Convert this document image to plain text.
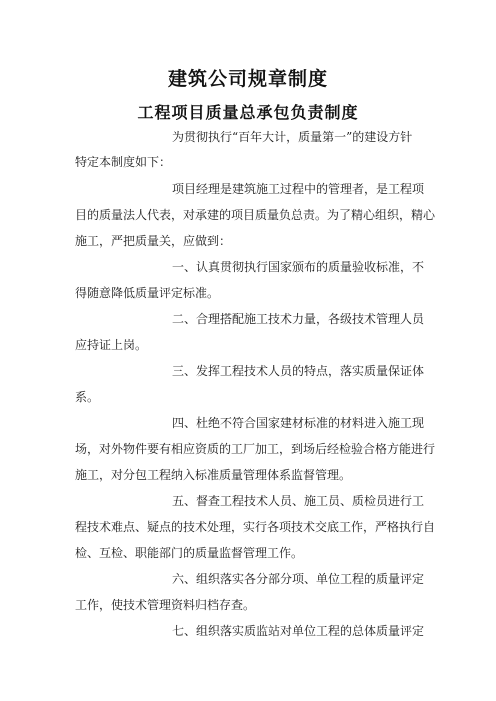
建筑公司规章制度
工程项目质量总承包负责制度
为贯彻执行“百年大计，质量第一”的建设方针
特定本制度如下：
项目经理是建筑施工过程中的管理者，是工程项
目的质量法人代表，对承建的项目质量负总责。为了精心组织，精心
施工，严把质量关，应做到：
一、认真贯彻执行国家颁布的质量验收标准，不
得随意降低质量评定标准。
二、合理搭配施工技术力量，各级技术管理人员
应持证上岗。
三、发挥工程技术人员的特点，落实质量保证体
系。
四、杜绝不符合国家建材标准的材料进入施工现
场，对外物件要有相应资质的工厂加工，到场后经检验合格方能进行
施工，对分包工程纳入标准质量管理体系监督管理。
五、督查工程技术人员、施工员、质检员进行工
程技术难点、疑点的技术处理，实行各项技术交底工作，严格执行自
检、互检、职能部门的质量监督管理工作。
六、组织落实各分部分项、单位工程的质量评定
工作，使技术管理资料归档存查。
七、组织落实质监站对单位工程的总体质量评定
